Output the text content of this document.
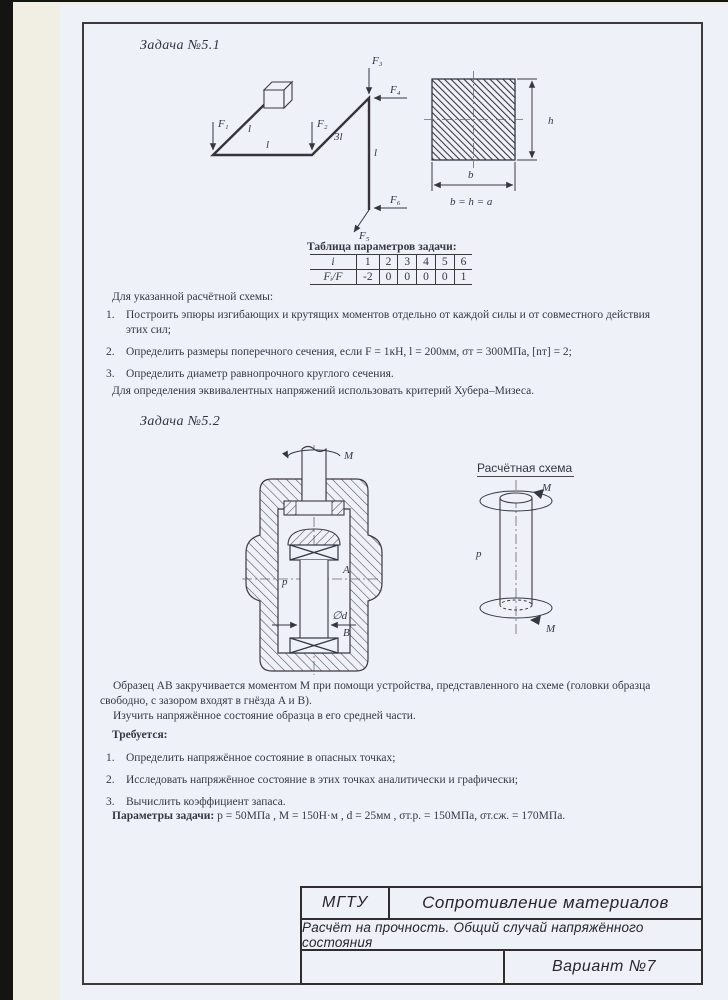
Задача №5.1
F₁	F₂
F₃
F₄
F₆
F₅
l
l
3l
l
h
b
b = h = a
Таблица параметров задачи:
i	1	2	3	4	5	6
Fᵢ/F	-2	0	0	0	0	1
Для указанной расчётной схемы:
1. Построить эпюры изгибающих и крутящих моментов отдельно от каждой силы и от совместного действия этих сил;
2. Определить размеры поперечного сечения, если F = 1кН, l = 200мм, σт = 300МПа, [nт] = 2;
3. Определить диаметр равнопрочного круглого сечения.
Для определения эквивалентных напряжений использовать критерий Хубера–Мизеса.
Задача №5.2
M
A
B
p
∅d
Расчётная схема
M
M
p
Образец AB закручивается моментом M при помощи устройства, представленного на схеме (головки образца свободно, с зазором входят в гнёзда A и B).
Изучить напряжённое состояние образца в его средней части.
Требуется:
1. Определить напряжённое состояние в опасных точках;
2. Исследовать напряжённое состояние в этих точках аналитически и графически;
3. Вычислить коэффициент запаса.
Параметры задачи: p = 50МПа , M = 150Н·м , d = 25мм , σт.р. = 150МПа, σт.сж. = 170МПа.
МГТУ	Сопротивление материалов
Расчёт на прочность. Общий случай напряжённого состояния
Вариант №7
